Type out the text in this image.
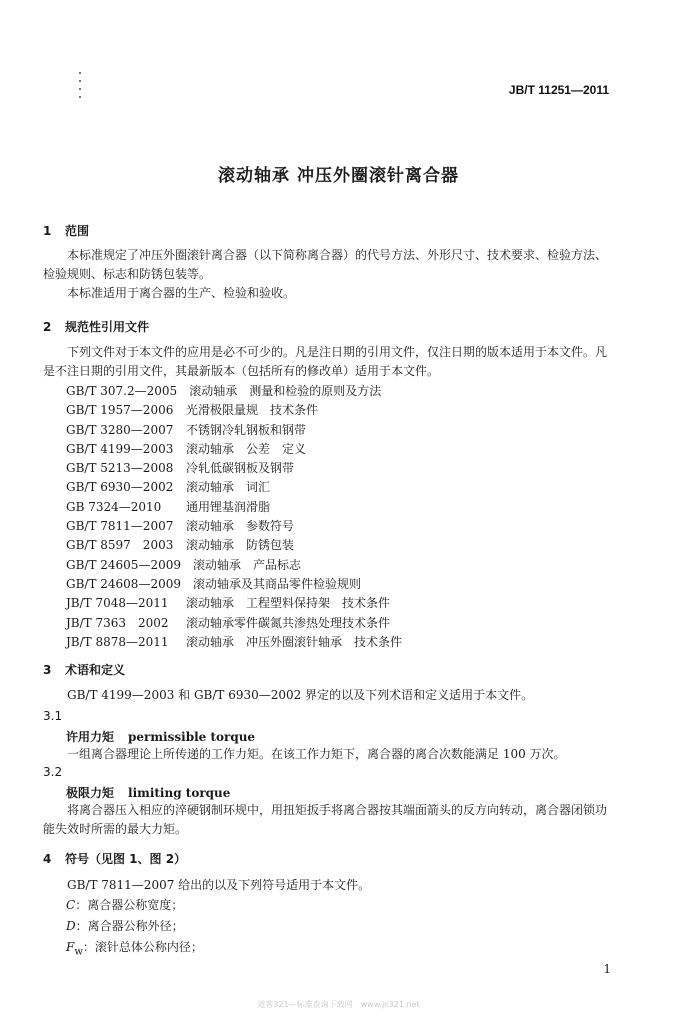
JB/T 11251—2011
滚动轴承 冲压外圈滚针离合器
1 范围

本标准规定了冲压外圈滚针离合器（以下简称离合器）的代号方法、外形尺寸、技术要求、检验方法、检验规则、标志和防锈包装等。

本标准适用于离合器的生产、检验和验收。

2 规范性引用文件

下列文件对于本文件的应用是必不可少的。凡是注日期的引用文件，仅注日期的版本适用于本文件。凡是不注日期的引用文件，其最新版本（包括所有的修改单）适用于本文件。

GB/T 307.2—2005　 滚动轴承　测量和检验的原则及方法
GB/T 1957—2006　 光滑极限量规　技术条件
GB/T 3280—2007　 不锈钢冷轧钢板和钢带
GB/T 4199—2003　 滚动轴承　公差　定义
GB/T 5213—2008　 冷轧低碳钢板及钢带
GB/T 6930—2002　 滚动轴承　词汇
GB 7324—2010　 通用锂基润滑脂
GB/T 7811—2007　 滚动轴承　参数符号
GB/T 8597　2003　 滚动轴承　防锈包装
GB/T 24605—2009　 滚动轴承　产品标志
GB/T 24608—2009　 滚动轴承及其商品零件检验规则
JB/T 7048—2011　 滚动轴承　工程塑料保持架　技术条件
JB/T 7363　2002　 滚动轴承零件碳氮共渗热处理技术条件
JB/T 8878—2011　 滚动轴承　冲压外圈滚针轴承　技术条件
3 术语和定义

GB/T 4199—2003 和 GB/T 6930—2002 界定的以及下列术语和定义适用于本文件。

3.1
许用力矩 permissible torque

一组离合器理论上所传递的工作力矩。在该工作力矩下，离合器的离合次数能满足 100 万次。

3.2
极限力矩 limiting torque

将离合器压入相应的淬硬钢制环规中，用扭矩扳手将离合器按其端面箭头的反方向转动，离合器闭锁功能失效时所需的最大力矩。

4 符号（见图 1、图 2）

GB/T 7811—2007 给出的以及下列符号适用于本文件。

C：离合器公称宽度；
D：离合器公称外径；
$F_w$：滚针总体公称内径；
1
道客321—标准查询下载网　www.jc321.net
